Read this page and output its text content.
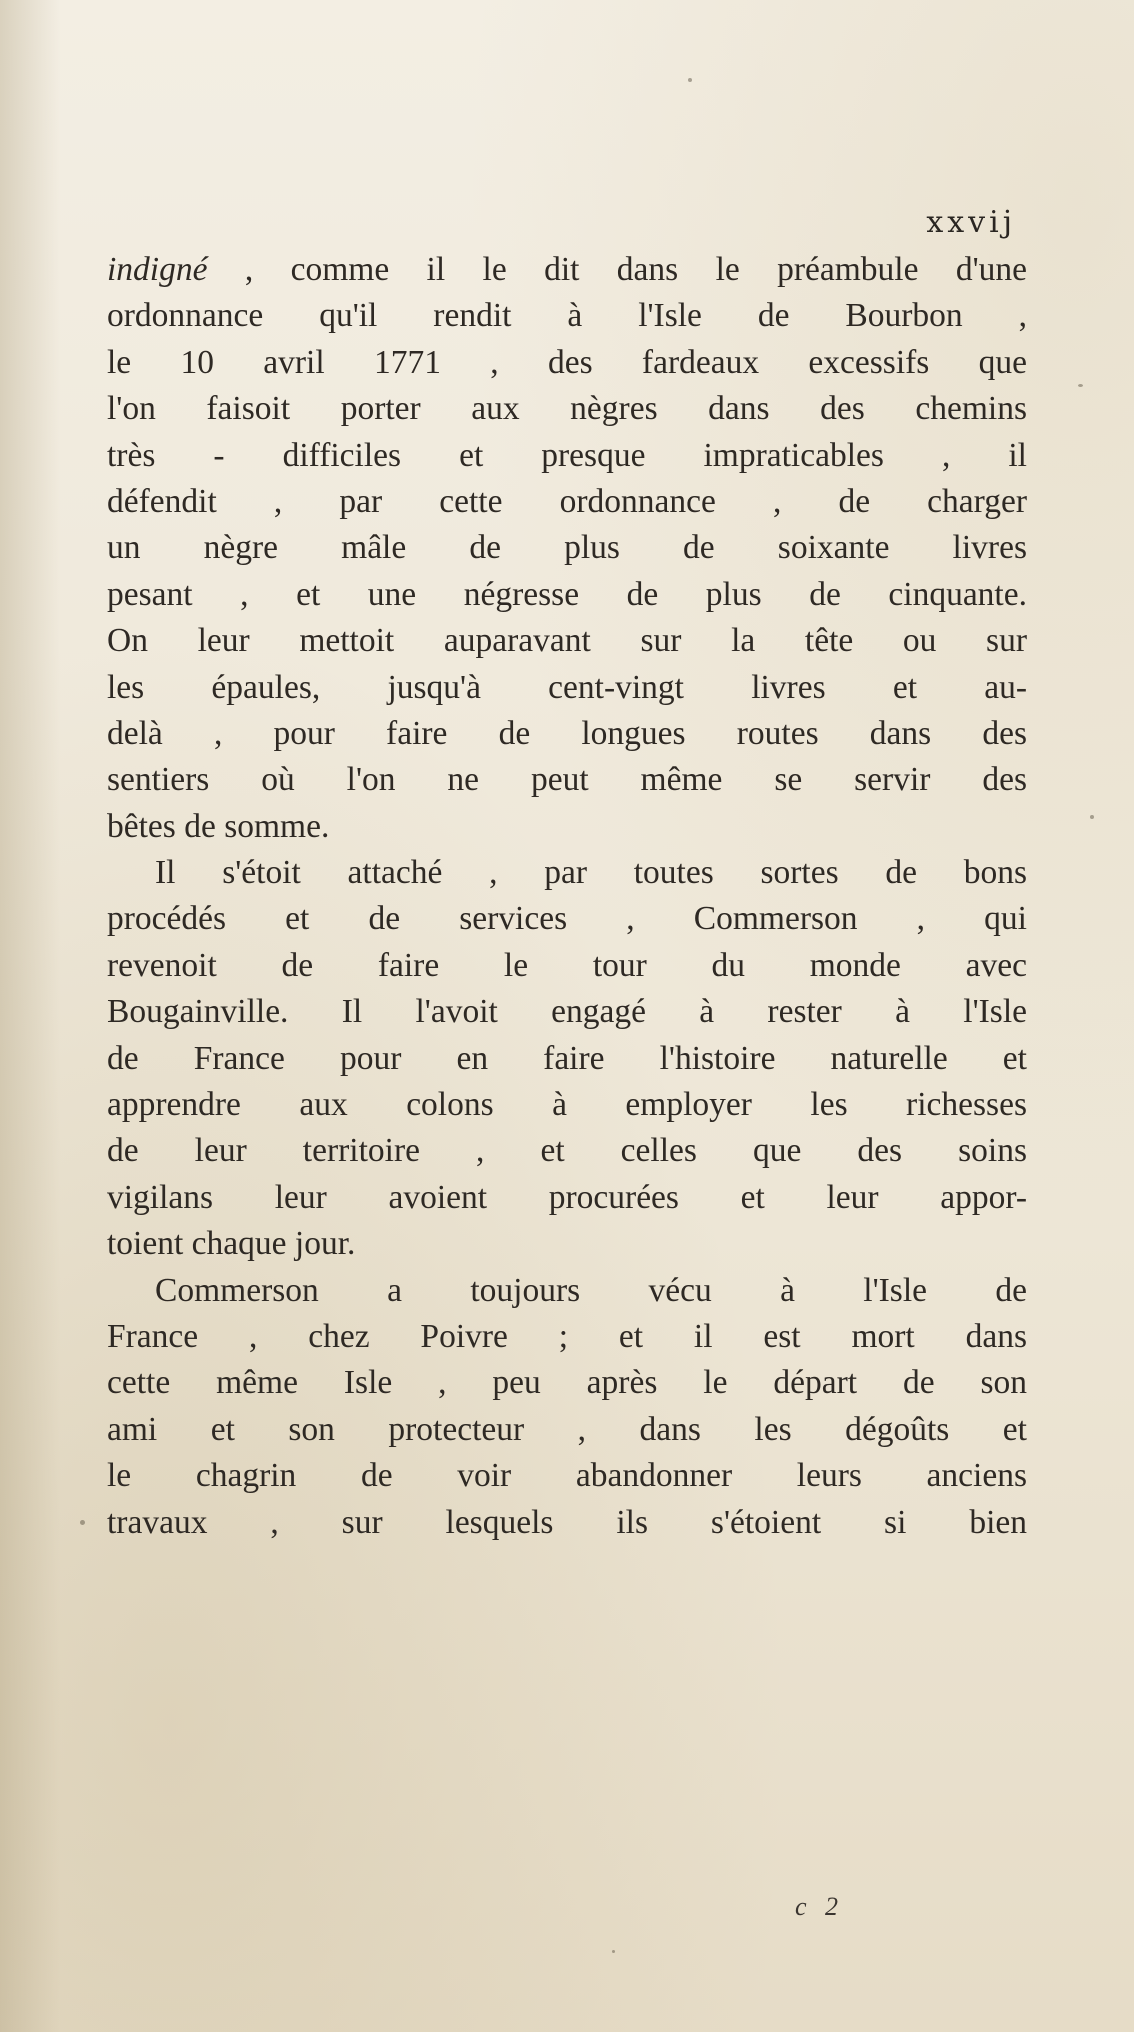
xxvij
indigné , comme il le dit dans le préambule d'une
ordonnance qu'il rendit à l'Isle de Bourbon ,
le 10 avril 1771 , des fardeaux excessifs que
l'on faisoit porter aux nègres dans des chemins
très - difficiles et presque impraticables , il
défendit , par cette ordonnance , de charger
un nègre mâle de plus de soixante livres
pesant , et une négresse de plus de cinquante.
On leur mettoit auparavant sur la tête ou sur
les épaules, jusqu'à cent-vingt livres et au-
delà , pour faire de longues routes dans des
sentiers où l'on ne peut même se servir des
bêtes de somme.
Il s'étoit attaché , par toutes sortes de bons
procédés et de services , Commerson , qui
revenoit de faire le tour du monde avec
Bougainville. Il l'avoit engagé à rester à l'Isle
de France pour en faire l'histoire naturelle et
apprendre aux colons à employer les richesses
de leur territoire , et celles que des soins
vigilans leur avoient procurées et leur appor-
toient chaque jour.
Commerson a toujours vécu à l'Isle de
France , chez Poivre ; et il est mort dans
cette même Isle , peu après le départ de son
ami et son protecteur , dans les dégoûts et
le chagrin de voir abandonner leurs anciens
travaux , sur lesquels ils s'étoient si bien
c 2
